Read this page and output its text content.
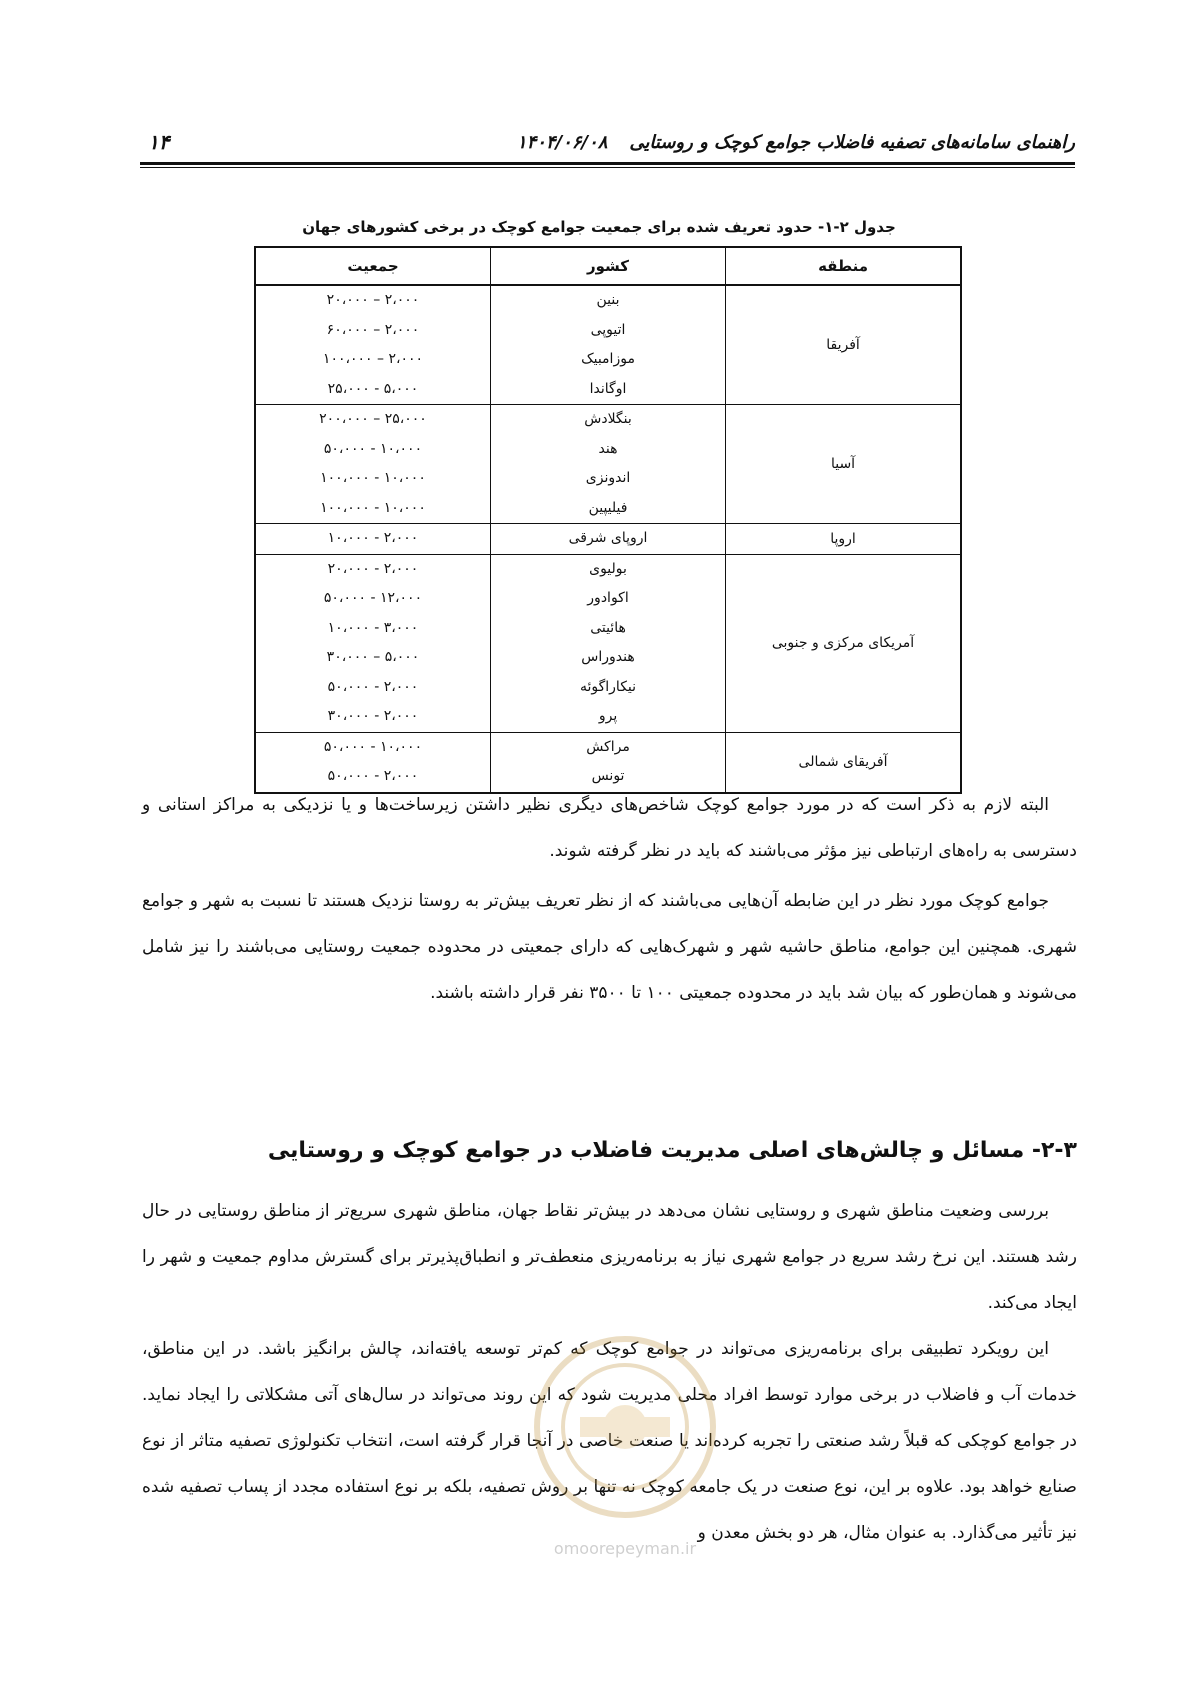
راهنمای سامانه‌های تصفیه فاضلاب جوامع کوچک و روستایی۱۴۰۴/۰۶/۰۸
۱۴
جدول ۲-۱- حدود تعریف شده برای جمعیت جوامع کوچک در برخی کشورهای جهان
منطقه	کشور	جمعیت
آفریقا	بنین	۲،۰۰۰ – ۲۰،۰۰۰
	اتیوپی	۲،۰۰۰ – ۶۰،۰۰۰
	موزامبیک	۲،۰۰۰ – ۱۰۰،۰۰۰
	اوگاندا	۵،۰۰۰ - ۲۵،۰۰۰
آسیا	بنگلادش	۲۵،۰۰۰ – ۲۰۰،۰۰۰
	هند	۱۰،۰۰۰ - ۵۰،۰۰۰
	اندونزی	۱۰،۰۰۰ - ۱۰۰،۰۰۰
	فیلیپین	۱۰،۰۰۰ - ۱۰۰،۰۰۰
اروپا	اروپای شرقی	۲،۰۰۰ - ۱۰،۰۰۰
آمریکای مرکزی و جنوبی	بولیوی	۲،۰۰۰ - ۲۰،۰۰۰
	اکوادور	۱۲،۰۰۰ - ۵۰،۰۰۰
	هائیتی	۳،۰۰۰ - ۱۰،۰۰۰
	هندوراس	۵،۰۰۰ – ۳۰،۰۰۰
	نیکاراگوئه	۲،۰۰۰ - ۵۰،۰۰۰
	پرو	۲،۰۰۰ - ۳۰،۰۰۰
آفریقای شمالی	مراکش	۱۰،۰۰۰ - ۵۰،۰۰۰
	تونس	۲،۰۰۰ - ۵۰،۰۰۰

البته لازم به ذکر است که در مورد جوامع کوچک شاخص‌های دیگری نظیر داشتن زیرساخت‌ها و یا نزدیکی به مراکز استانی و دسترسی به راه‌های ارتباطی نیز مؤثر می‌باشند که باید در نظر گرفته شوند.

جوامع کوچک مورد نظر در این ضابطه آن‌هایی می‌باشند که از نظر تعریف بیش‌تر به روستا نزدیک هستند تا نسبت به شهر و جوامع شهری. همچنین این جوامع، مناطق حاشیه شهر و شهرک‌هایی که دارای جمعیتی در محدوده جمعیت روستایی می‌باشند را نیز شامل می‌شوند و همان‌طور که بیان شد باید در محدوده جمعیتی ۱۰۰ تا ۳۵۰۰ نفر قرار داشته باشند.

۲-۳- مسائل و چالش‌های اصلی مدیریت فاضلاب در جوامع کوچک و روستایی

بررسی وضعیت مناطق شهری و روستایی نشان می‌دهد در بیش‌تر نقاط جهان، مناطق شهری سریع‌تر از مناطق روستایی در حال رشد هستند. این نرخ رشد سریع در جوامع شهری نیاز به برنامه‌ریزی منعطف‌تر و انطباق‌پذیرتر برای گسترش مداوم جمعیت و شهر را ایجاد می‌کند.

این رویکرد تطبیقی برای برنامه‌ریزی می‌تواند در جوامع کوچک که کم‌تر توسعه یافته‌اند، چالش برانگیز باشد. در این مناطق، خدمات آب و فاضلاب در برخی موارد توسط افراد محلی مدیریت شود که این روند می‌تواند در سال‌های آتی مشکلاتی را ایجاد نماید. در جوامع کوچکی که قبلاً رشد صنعتی را تجربه کرده‌اند یا صنعت خاصی در آنجا قرار گرفته است، انتخاب تکنولوژی تصفیه متاثر از نوع صنایع خواهد بود. علاوه بر این، نوع صنعت در یک جامعه کوچک نه تنها بر روش تصفیه، بلکه بر نوع استفاده مجدد از پساب تصفیه شده نیز تأثیر می‌گذارد. به عنوان مثال، هر دو بخش معدن و

omoorepeyman.ir
